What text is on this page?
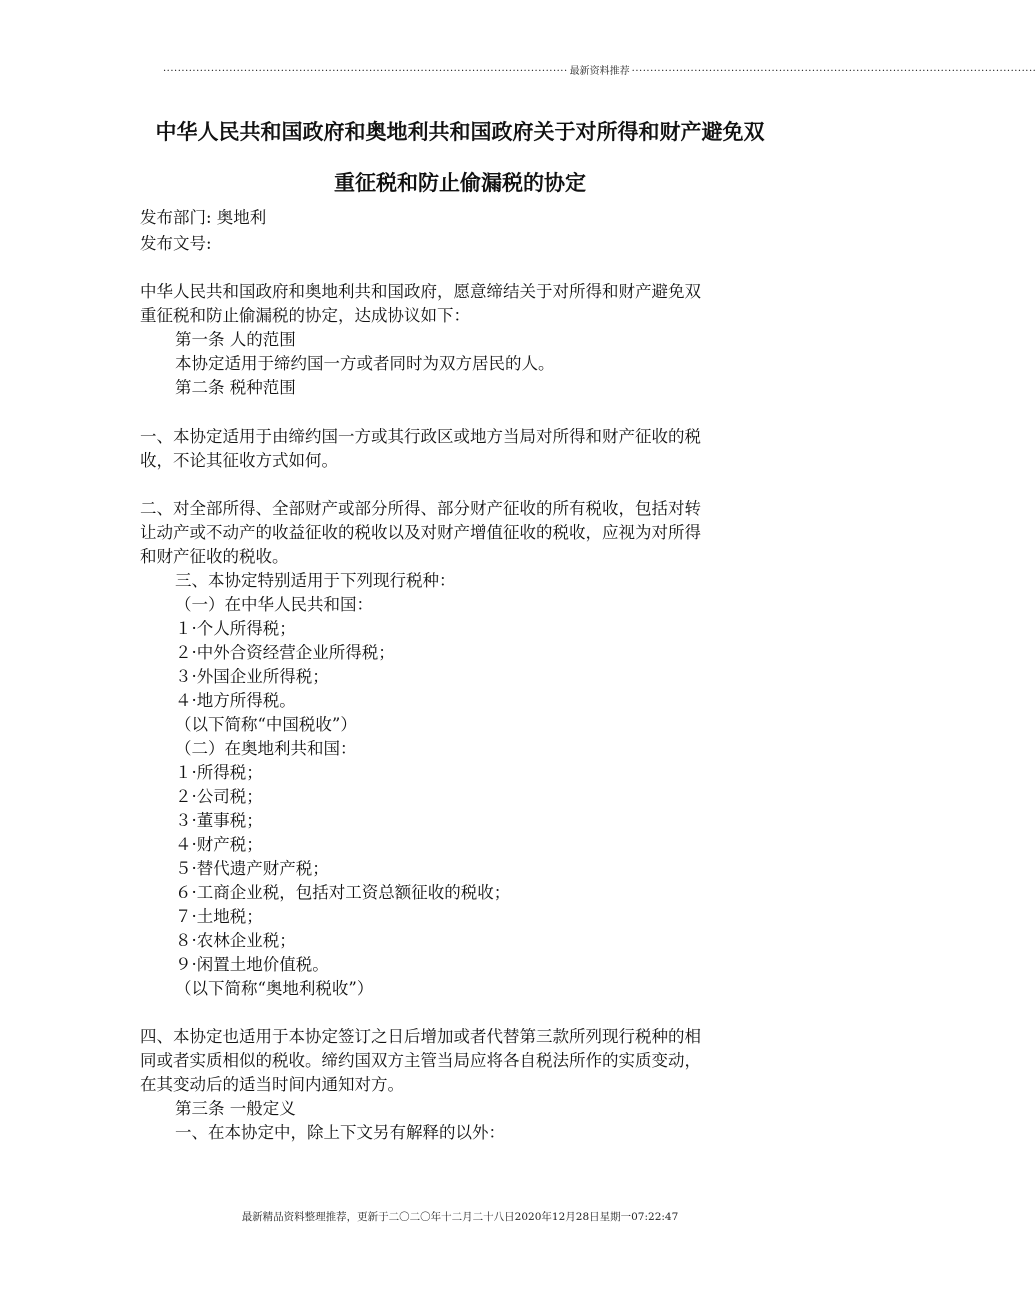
·············································································································· 最新资料推荐 ··············································································································
中华人民共和国政府和奥地利共和国政府关于对所得和财产避免双
重征税和防止偷漏税的协定
发布部门: 奥地利
发布文号:
中华人民共和国政府和奥地利共和国政府，愿意缔结关于对所得和财产避免双
重征税和防止偷漏税的协定，达成协议如下：
第一条 人的范围
本协定适用于缔约国一方或者同时为双方居民的人。
第二条 税种范围
一、本协定适用于由缔约国一方或其行政区或地方当局对所得和财产征收的税
收，不论其征收方式如何。
二、对全部所得、全部财产或部分所得、部分财产征收的所有税收，包括对转
让动产或不动产的收益征收的税收以及对财产增值征收的税收，应视为对所得
和财产征收的税收。
三、本协定特别适用于下列现行税种：
（一）在中华人民共和国：
１·个人所得税；
２·中外合资经营企业所得税；
３·外国企业所得税；
４·地方所得税。
（以下简称“中国税收”）
（二）在奥地利共和国：
１·所得税；
２·公司税；
３·董事税；
４·财产税；
５·替代遗产财产税；
６·工商企业税，包括对工资总额征收的税收；
７·土地税；
８·农林企业税；
９·闲置土地价值税。
（以下简称“奥地利税收”）
四、本协定也适用于本协定签订之日后增加或者代替第三款所列现行税种的相
同或者实质相似的税收。缔约国双方主管当局应将各自税法所作的实质变动，
在其变动后的适当时间内通知对方。
第三条 一般定义
一、在本协定中，除上下文另有解释的以外：
最新精品资料整理推荐，更新于二〇二〇年十二月二十八日2020年12月28日星期一07:22:47
